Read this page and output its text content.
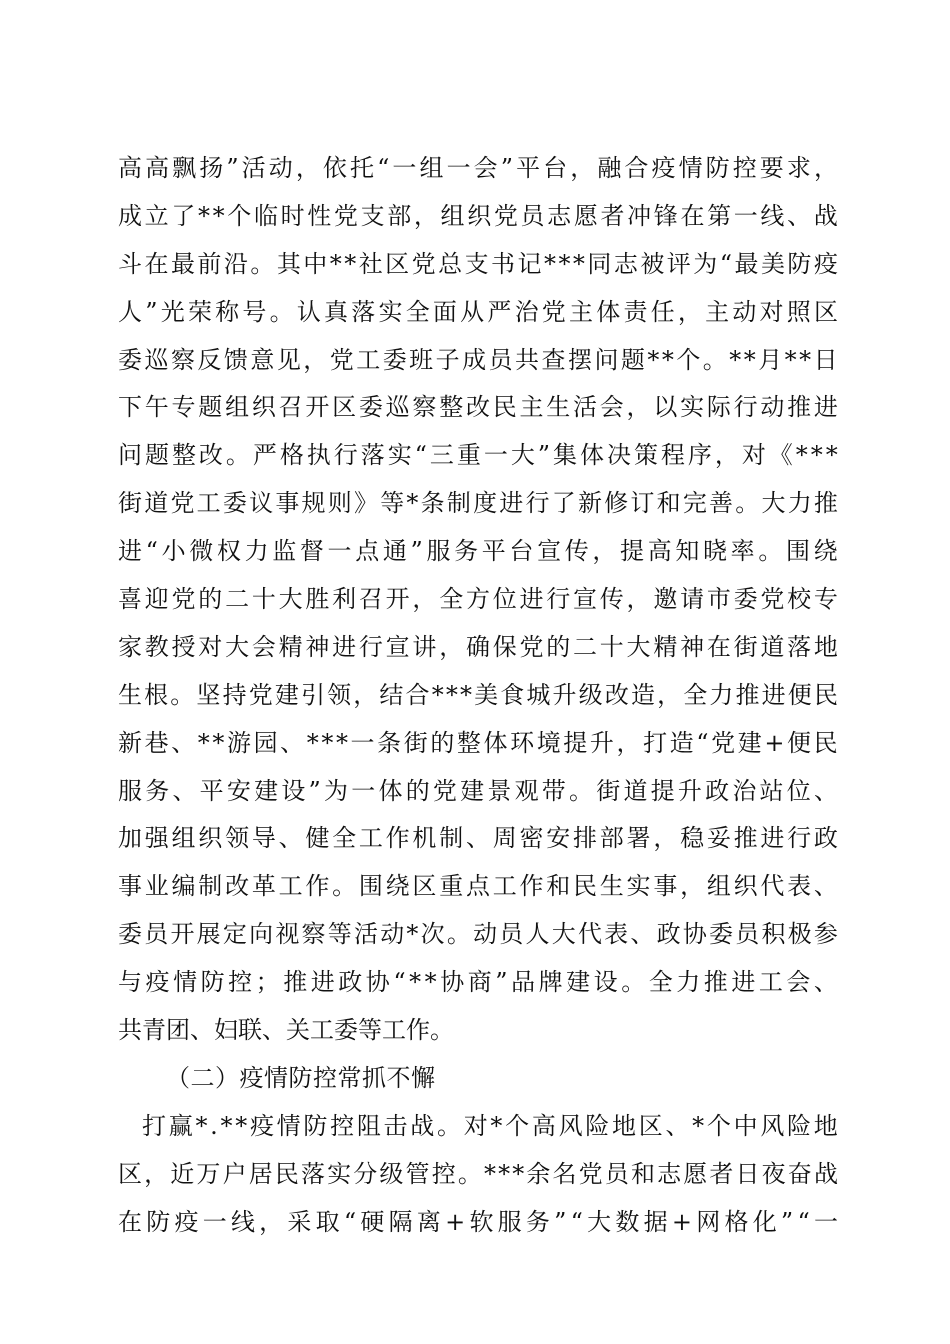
高 高 飘 扬 ” 活 动 ， 依 托 “ 一 组 一 会 ” 平 台 ， 融 合 疫 情 防 控 要 求 ，
成 立 了 * * 个 临 时 性 党 支 部 ， 组 织 党 员 志 愿 者 冲 锋 在 第 一 线 、 战
斗 在 最 前 沿 。 其 中 * * 社 区 党 总 支 书 记 * * * 同 志 被 评 为 “ 最 美 防 疫
人 ” 光 荣 称 号 。 认 真 落 实 全 面 从 严 治 党 主 体 责 任 ， 主 动 对 照 区
委 巡 察 反 馈 意 见 ， 党 工 委 班 子 成 员 共 查 摆 问 题 * * 个 。 * * 月 * * 日
下 午 专 题 组 织 召 开 区 委 巡 察 整 改 民 主 生 活 会 ， 以 实 际 行 动 推 进
问 题 整 改 。 严 格 执 行 落 实 “ 三 重 一 大 ” 集 体 决 策 程 序 ， 对 《 * * *
街 道 党 工 委 议 事 规 则 》 等 * 条 制 度 进 行 了 新 修 订 和 完 善 。 大 力 推
进 “ 小 微 权 力 监 督 一 点 通 ” 服 务 平 台 宣 传 ， 提 高 知 晓 率 。 围 绕
喜 迎 党 的 二 十 大 胜 利 召 开 ， 全 方 位 进 行 宣 传 ， 邀 请 市 委 党 校 专
家 教 授 对 大 会 精 神 进 行 宣 讲 ， 确 保 党 的 二 十 大 精 神 在 街 道 落 地
生 根 。 坚 持 党 建 引 领 ， 结 合 * * * 美 食 城 升 级 改 造 ， 全 力 推 进 便 民
新 巷 、 * * 游 园 、 * * * 一 条 街 的 整 体 环 境 提 升 ， 打 造 “ 党 建 + 便 民
服 务 、 平 安 建 设 ” 为 一 体 的 党 建 景 观 带 。 街 道 提 升 政 治 站 位 、
加 强 组 织 领 导 、 健 全 工 作 机 制 、 周 密 安 排 部 署 ， 稳 妥 推 进 行 政
事 业 编 制 改 革 工 作 。 围 绕 区 重 点 工 作 和 民 生 实 事 ， 组 织 代 表 、
委 员 开 展 定 向 视 察 等 活 动 * 次 。 动 员 人 大 代 表 、 政 协 委 员 积 极 参
与 疫 情 防 控 ； 推 进 政 协 “ * * 协 商 ” 品 牌 建 设 。 全 力 推 进 工 会 、
共青团、妇联、关工委等工作。
（二）疫情防控常抓不懈
打 赢 * . * * 疫 情 防 控 阻 击 战 。 对 * 个 高 风 险 地 区 、 * 个 中 风 险 地
区 ， 近 万 户 居 民 落 实 分 级 管 控 。 * * * 余 名 党 员 和 志 愿 者 日 夜 奋 战
在 防 疫 一 线 ， 采 取 “ 硬 隔 离 + 软 服 务 ” “ 大 数 据 + 网 格 化 ” “ 一
